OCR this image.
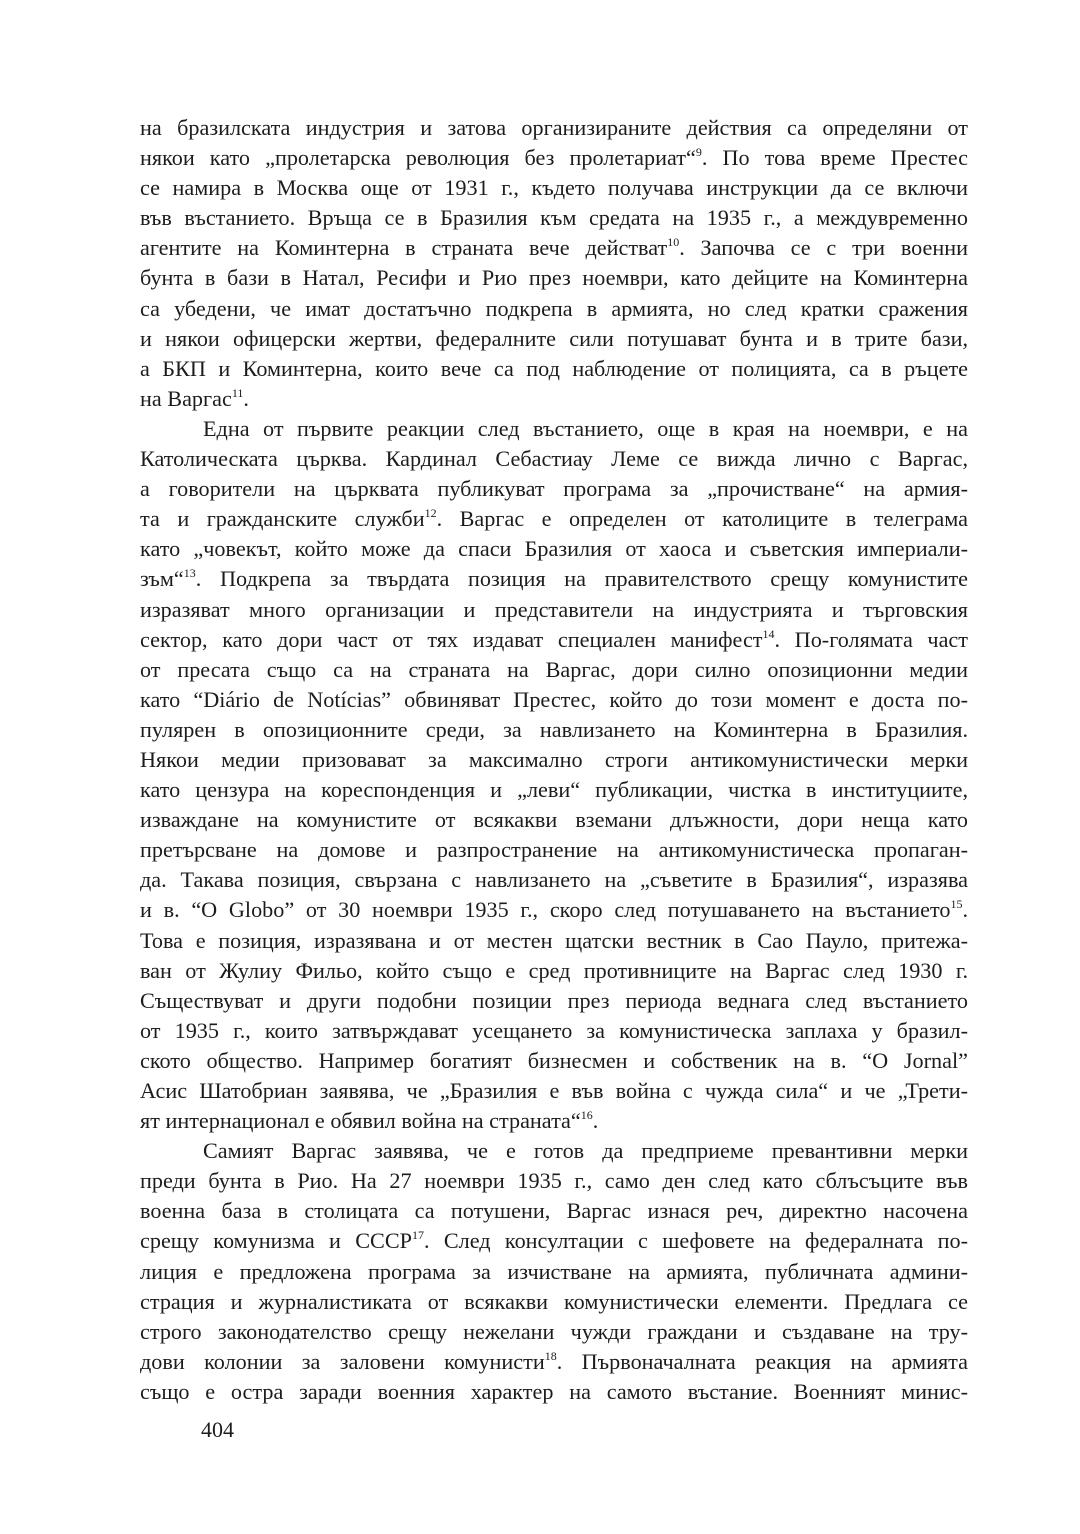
на бразилската индустрия и затова организираните действия са определяни от
някои като „пролетарска революция без пролетариат“$^9$. По това време Престес
се намира в Москва още от 1931 г., където получава инструкции да се включи
във въстанието. Връща се в Бразилия към средата на 1935 г., а междувременно
агентите на Коминтерна в страната вече действат$^{10}$. Започва се с три военни
бунта в бази в Натал, Ресифи и Рио през ноември, като дейците на Коминтерна
са убедени, че имат достатъчно подкрепа в армията, но след кратки сражения
и някои офицерски жертви, федералните сили потушават бунта и в трите бази,
а БКП и Коминтерна, които вече са под наблюдение от полицията, са в ръцете
на Варгас$^{11}$.
Една от първите реакции след въстанието, още в края на ноември, е на
Католическата църква. Кардинал Себастиау Леме се вижда лично с Варгас,
а говорители на църквата публикуват програма за „прочистване“ на армия-
та и гражданските служби$^{12}$. Варгас е определен от католиците в телеграма
като „човекът, който може да спаси Бразилия от хаоса и съветския империали-
зъм“$^{13}$. Подкрепа за твърдата позиция на правителството срещу комунистите
изразяват много организации и представители на индустрията и търговския
сектор, като дори част от тях издават специален манифест$^{14}$. По-голямата част
от пресата също са на страната на Варгас, дори силно опозиционни медии
като “Diário de Notícias” обвиняват Престес, който до този момент е доста по-
пулярен в опозиционните среди, за навлизането на Коминтерна в Бразилия.
Някои медии призовават за максимално строги антикомунистически мерки
като цензура на кореспонденция и „леви“ публикации, чистка в институциите,
изваждане на комунистите от всякакви вземани длъжности, дори неща като
претърсване на домове и разпространение на антикомунистическа пропаган-
да. Такава позиция, свързана с навлизането на „съветите в Бразилия“, изразява
и в. “O Globo” от 30 ноември 1935 г., скоро след потушаването на въстанието$^{15}$.
Това е позиция, изразявана и от местен щатски вестник в Сао Пауло, притежа-
ван от Жулиу Фильо, който също е сред противниците на Варгас след 1930 г.
Съществуват и други подобни позиции през периода веднага след въстанието
от 1935 г., които затвърждават усещането за комунистическа заплаха у бразил-
ското общество. Например богатият бизнесмен и собственик на в. “O Jornal”
Асис Шатобриан заявява, че „Бразилия е във война с чужда сила“ и че „Трети-
ят интернационал е обявил война на страната“$^{16}$.
Самият Варгас заявява, че е готов да предприеме превантивни мерки
преди бунта в Рио. На 27 ноември 1935 г., само ден след като сблъсъците във
военна база в столицата са потушени, Варгас изнася реч, директно насочена
срещу комунизма и СССР$^{17}$. След консултации с шефовете на федералната по-
лиция е предложена програма за изчистване на армията, публичната админи-
страция и журналистиката от всякакви комунистически елементи. Предлага се
строго законодателство срещу нежелани чужди граждани и създаване на тру-
дови колонии за заловени комунисти$^{18}$. Първоначалната реакция на армията
също е остра заради военния характер на самото въстание. Военният минис-
404
